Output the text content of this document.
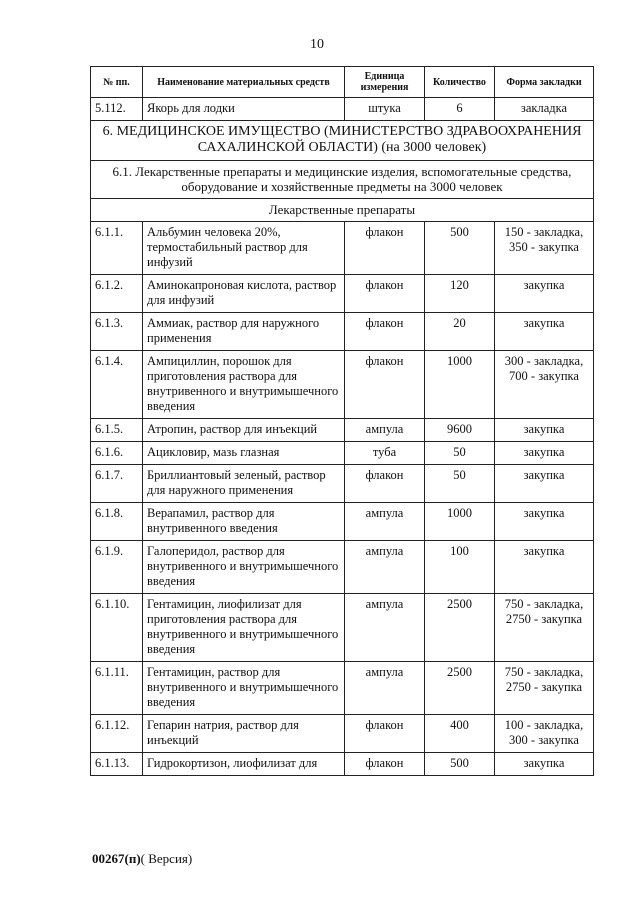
10
№ пп.	Наименование материальных средств	Единица измерения	Количество	Форма закладки
5.112.	Якорь для лодки	штука	6	закладка
6. МЕДИЦИНСКОЕ ИМУЩЕСТВО (МИНИСТЕРСТВО ЗДРАВООХРАНЕНИЯ САХАЛИНСКОЙ ОБЛАСТИ) (на 3000 человек)				
6.1. Лекарственные препараты и медицинские изделия, вспомогательные средства, оборудование и хозяйственные предметы на 3000 человек				
Лекарственные препараты				
6.1.1.	Альбумин человека 20%, термостабильный раствор для инфузий	флакон	500	150 - закладка, 350 - закупка
6.1.2.	Аминокапроновая кислота, раствор для инфузий	флакон	120	закупка
6.1.3.	Аммиак, раствор для наружного применения	флакон	20	закупка
6.1.4.	Ампициллин, порошок для приготовления раствора для внутривенного и внутримышечного введения	флакон	1000	300 - закладка, 700 - закупка
6.1.5.	Атропин, раствор для инъекций	ампула	9600	закупка
6.1.6.	Ацикловир, мазь глазная	туба	50	закупка
6.1.7.	Бриллиантовый зеленый, раствор для наружного применения	флакон	50	закупка
6.1.8.	Верапамил, раствор для внутривенного введения	ампула	1000	закупка
6.1.9.	Галоперидол, раствор для внутривенного и внутримышечного введения	ампула	100	закупка
6.1.10.	Гентамицин, лиофилизат для приготовления раствора для внутривенного и внутримышечного введения	ампула	2500	750 - закладка, 2750 - закупка
6.1.11.	Гентамицин, раствор для внутривенного и внутримышечного введения	ампула	2500	750 - закладка, 2750 - закупка
6.1.12.	Гепарин натрия, раствор для инъекций	флакон	400	100 - закладка, 300 - закупка
6.1.13.	Гидрокортизон, лиофилизат для	флакон	500	закупка
00267(п)( Версия)
